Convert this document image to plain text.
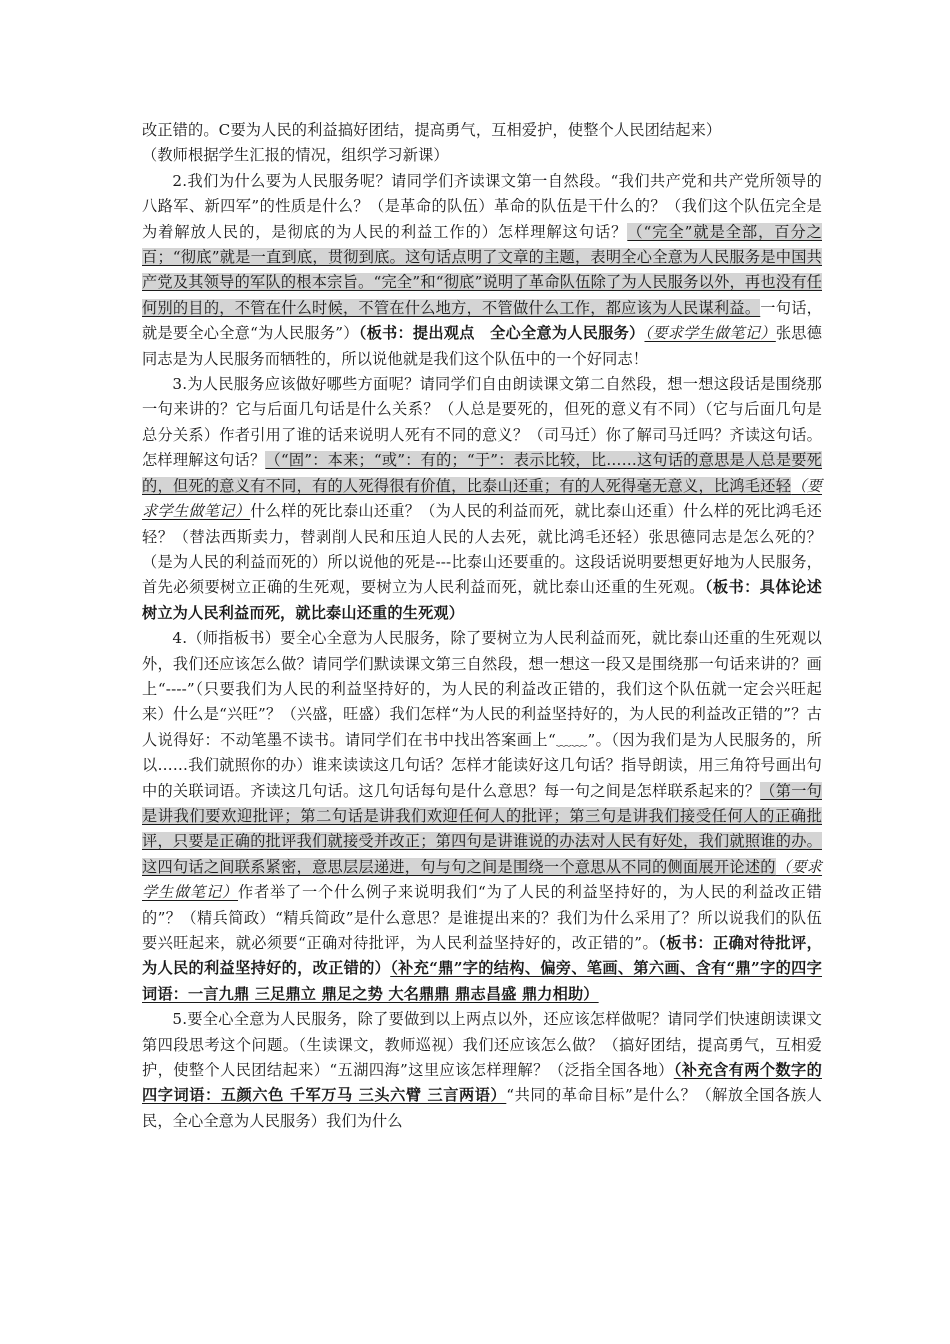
改正错的。C要为人民的利益搞好团结，提高勇气，互相爱护，使整个人民团结起来）
（教师根据学生汇报的情况，组织学习新课）

2.我们为什么要为人民服务呢？请同学们齐读课文第一自然段。“我们共产党和共产党所领导的八路军、新四军”的性质是什么？（是革命的队伍）革命的队伍是干什么的？（我们这个队伍完全是为着解放人民的，是彻底的为人民的利益工作的）怎样理解这句话？（“完全”就是全部，百分之百；“彻底”就是一直到底，贯彻到底。这句话点明了文章的主题，表明全心全意为人民服务是中国共产党及其领导的军队的根本宗旨。“完全”和“彻底”说明了革命队伍除了为人民服务以外，再也没有任何别的目的，不管在什么时候，不管在什么地方，不管做什么工作，都应该为人民谋利益。一句话，就是要全心全意“为人民服务”）（板书：提出观点　全心全意为人民服务）（要求学生做笔记）张思德同志是为人民服务而牺牲的，所以说他就是我们这个队伍中的一个好同志！

3.为人民服务应该做好哪些方面呢？请同学们自由朗读课文第二自然段，想一想这段话是围绕那一句来讲的？它与后面几句话是什么关系？（人总是要死的，但死的意义有不同）（它与后面几句是总分关系）作者引用了谁的话来说明人死有不同的意义？（司马迁）你了解司马迁吗？齐读这句话。怎样理解这句话？（“固”：本来；“或”：有的；“于”：表示比较，比……这句话的意思是人总是要死的，但死的意义有不同，有的人死得很有价值，比泰山还重；有的人死得毫无意义，比鸿毛还轻（要求学生做笔记）什么样的死比泰山还重？（为人民的利益而死，就比泰山还重）什么样的死比鸿毛还轻？（替法西斯卖力，替剥削人民和压迫人民的人去死，就比鸿毛还轻）张思德同志是怎么死的？（是为人民的利益而死的）所以说他的死是---比泰山还要重的。这段话说明要想更好地为人民服务，首先必须要树立正确的生死观，要树立为人民利益而死，就比泰山还重的生死观。（板书：具体论述　树立为人民利益而死，就比泰山还重的生死观）

4.（师指板书）要全心全意为人民服务，除了要树立为人民利益而死，就比泰山还重的生死观以外，我们还应该怎么做？请同学们默读课文第三自然段，想一想这一段又是围绕那一句话来讲的？画上“----”（只要我们为人民的利益坚持好的，为人民的利益改正错的，我们这个队伍就一定会兴旺起来）什么是“兴旺”？（兴盛，旺盛）我们怎样“为人民的利益坚持好的，为人民的利益改正错的”？古人说得好：不动笔墨不读书。请同学们在书中找出答案画上“﹏﹏”。（因为我们是为人民服务的，所以……我们就照你的办）谁来读读这几句话？怎样才能读好这几句话？指导朗读，用三角符号画出句中的关联词语。齐读这几句话。这几句话每句是什么意思？每一句之间是怎样联系起来的？（第一句是讲我们要欢迎批评；第二句话是讲我们欢迎任何人的批评；第三句是讲我们接受任何人的正确批评，只要是正确的批评我们就接受并改正；第四句是讲谁说的办法对人民有好处，我们就照谁的办。这四句话之间联系紧密，意思层层递进，句与句之间是围绕一个意思从不同的侧面展开论述的（要求学生做笔记）作者举了一个什么例子来说明我们“为了人民的利益坚持好的，为人民的利益改正错的”？（精兵简政）“精兵简政”是什么意思？是谁提出来的？我们为什么采用了？所以说我们的队伍要兴旺起来，就必须要“正确对待批评，为人民利益坚持好的，改正错的”。（板书：正确对待批评，为人民的利益坚持好的，改正错的）（补充“鼎”字的结构、偏旁、笔画、第六画、含有“鼎”字的四字词语：一言九鼎 三足鼎立 鼎足之势 大名鼎鼎 鼎志昌盛 鼎力相助）

5.要全心全意为人民服务，除了要做到以上两点以外，还应该怎样做呢？请同学们快速朗读课文第四段思考这个问题。（生读课文，教师巡视）我们还应该怎么做？（搞好团结，提高勇气，互相爱护，使整个人民团结起来）“五湖四海”这里应该怎样理解？（泛指全国各地）（补充含有两个数字的四字词语：五颜六色 千军万马 三头六臂 三言两语）“共同的革命目标”是什么？（解放全国各族人民，全心全意为人民服务）我们为什么
